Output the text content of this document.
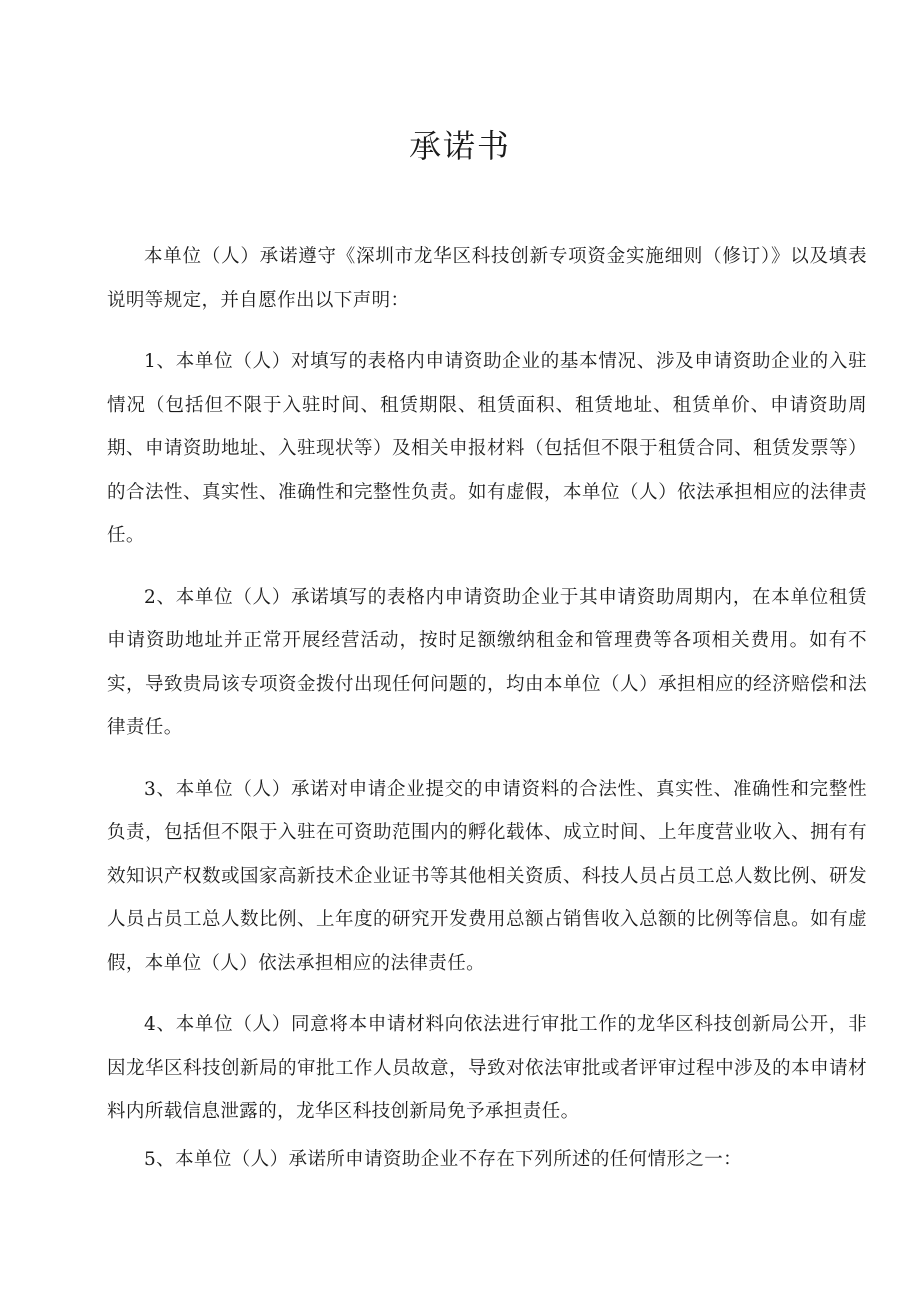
承诺书

本单位（人）承诺遵守《深圳市龙华区科技创新专项资金实施细则（修订）》以及填表说明等规定，并自愿作出以下声明：

1、本单位（人）对填写的表格内申请资助企业的基本情况、涉及申请资助企业的入驻情况（包括但不限于入驻时间、租赁期限、租赁面积、租赁地址、租赁单价、申请资助周期、申请资助地址、入驻现状等）及相关申报材料（包括但不限于租赁合同、租赁发票等）的合法性、真实性、准确性和完整性负责。如有虚假，本单位（人）依法承担相应的法律责任。

2、本单位（人）承诺填写的表格内申请资助企业于其申请资助周期内，在本单位租赁申请资助地址并正常开展经营活动，按时足额缴纳租金和管理费等各项相关费用。如有不实，导致贵局该专项资金拨付出现任何问题的，均由本单位（人）承担相应的经济赔偿和法律责任。

3、本单位（人）承诺对申请企业提交的申请资料的合法性、真实性、准确性和完整性负责，包括但不限于入驻在可资助范围内的孵化载体、成立时间、上年度营业收入、拥有有效知识产权数或国家高新技术企业证书等其他相关资质、科技人员占员工总人数比例、研发人员占员工总人数比例、上年度的研究开发费用总额占销售收入总额的比例等信息。如有虚假，本单位（人）依法承担相应的法律责任。

4、本单位（人）同意将本申请材料向依法进行审批工作的龙华区科技创新局公开，非因龙华区科技创新局的审批工作人员故意，导致对依法审批或者评审过程中涉及的本申请材料内所载信息泄露的，龙华区科技创新局免予承担责任。

5、本单位（人）承诺所申请资助企业不存在下列所述的任何情形之一：
